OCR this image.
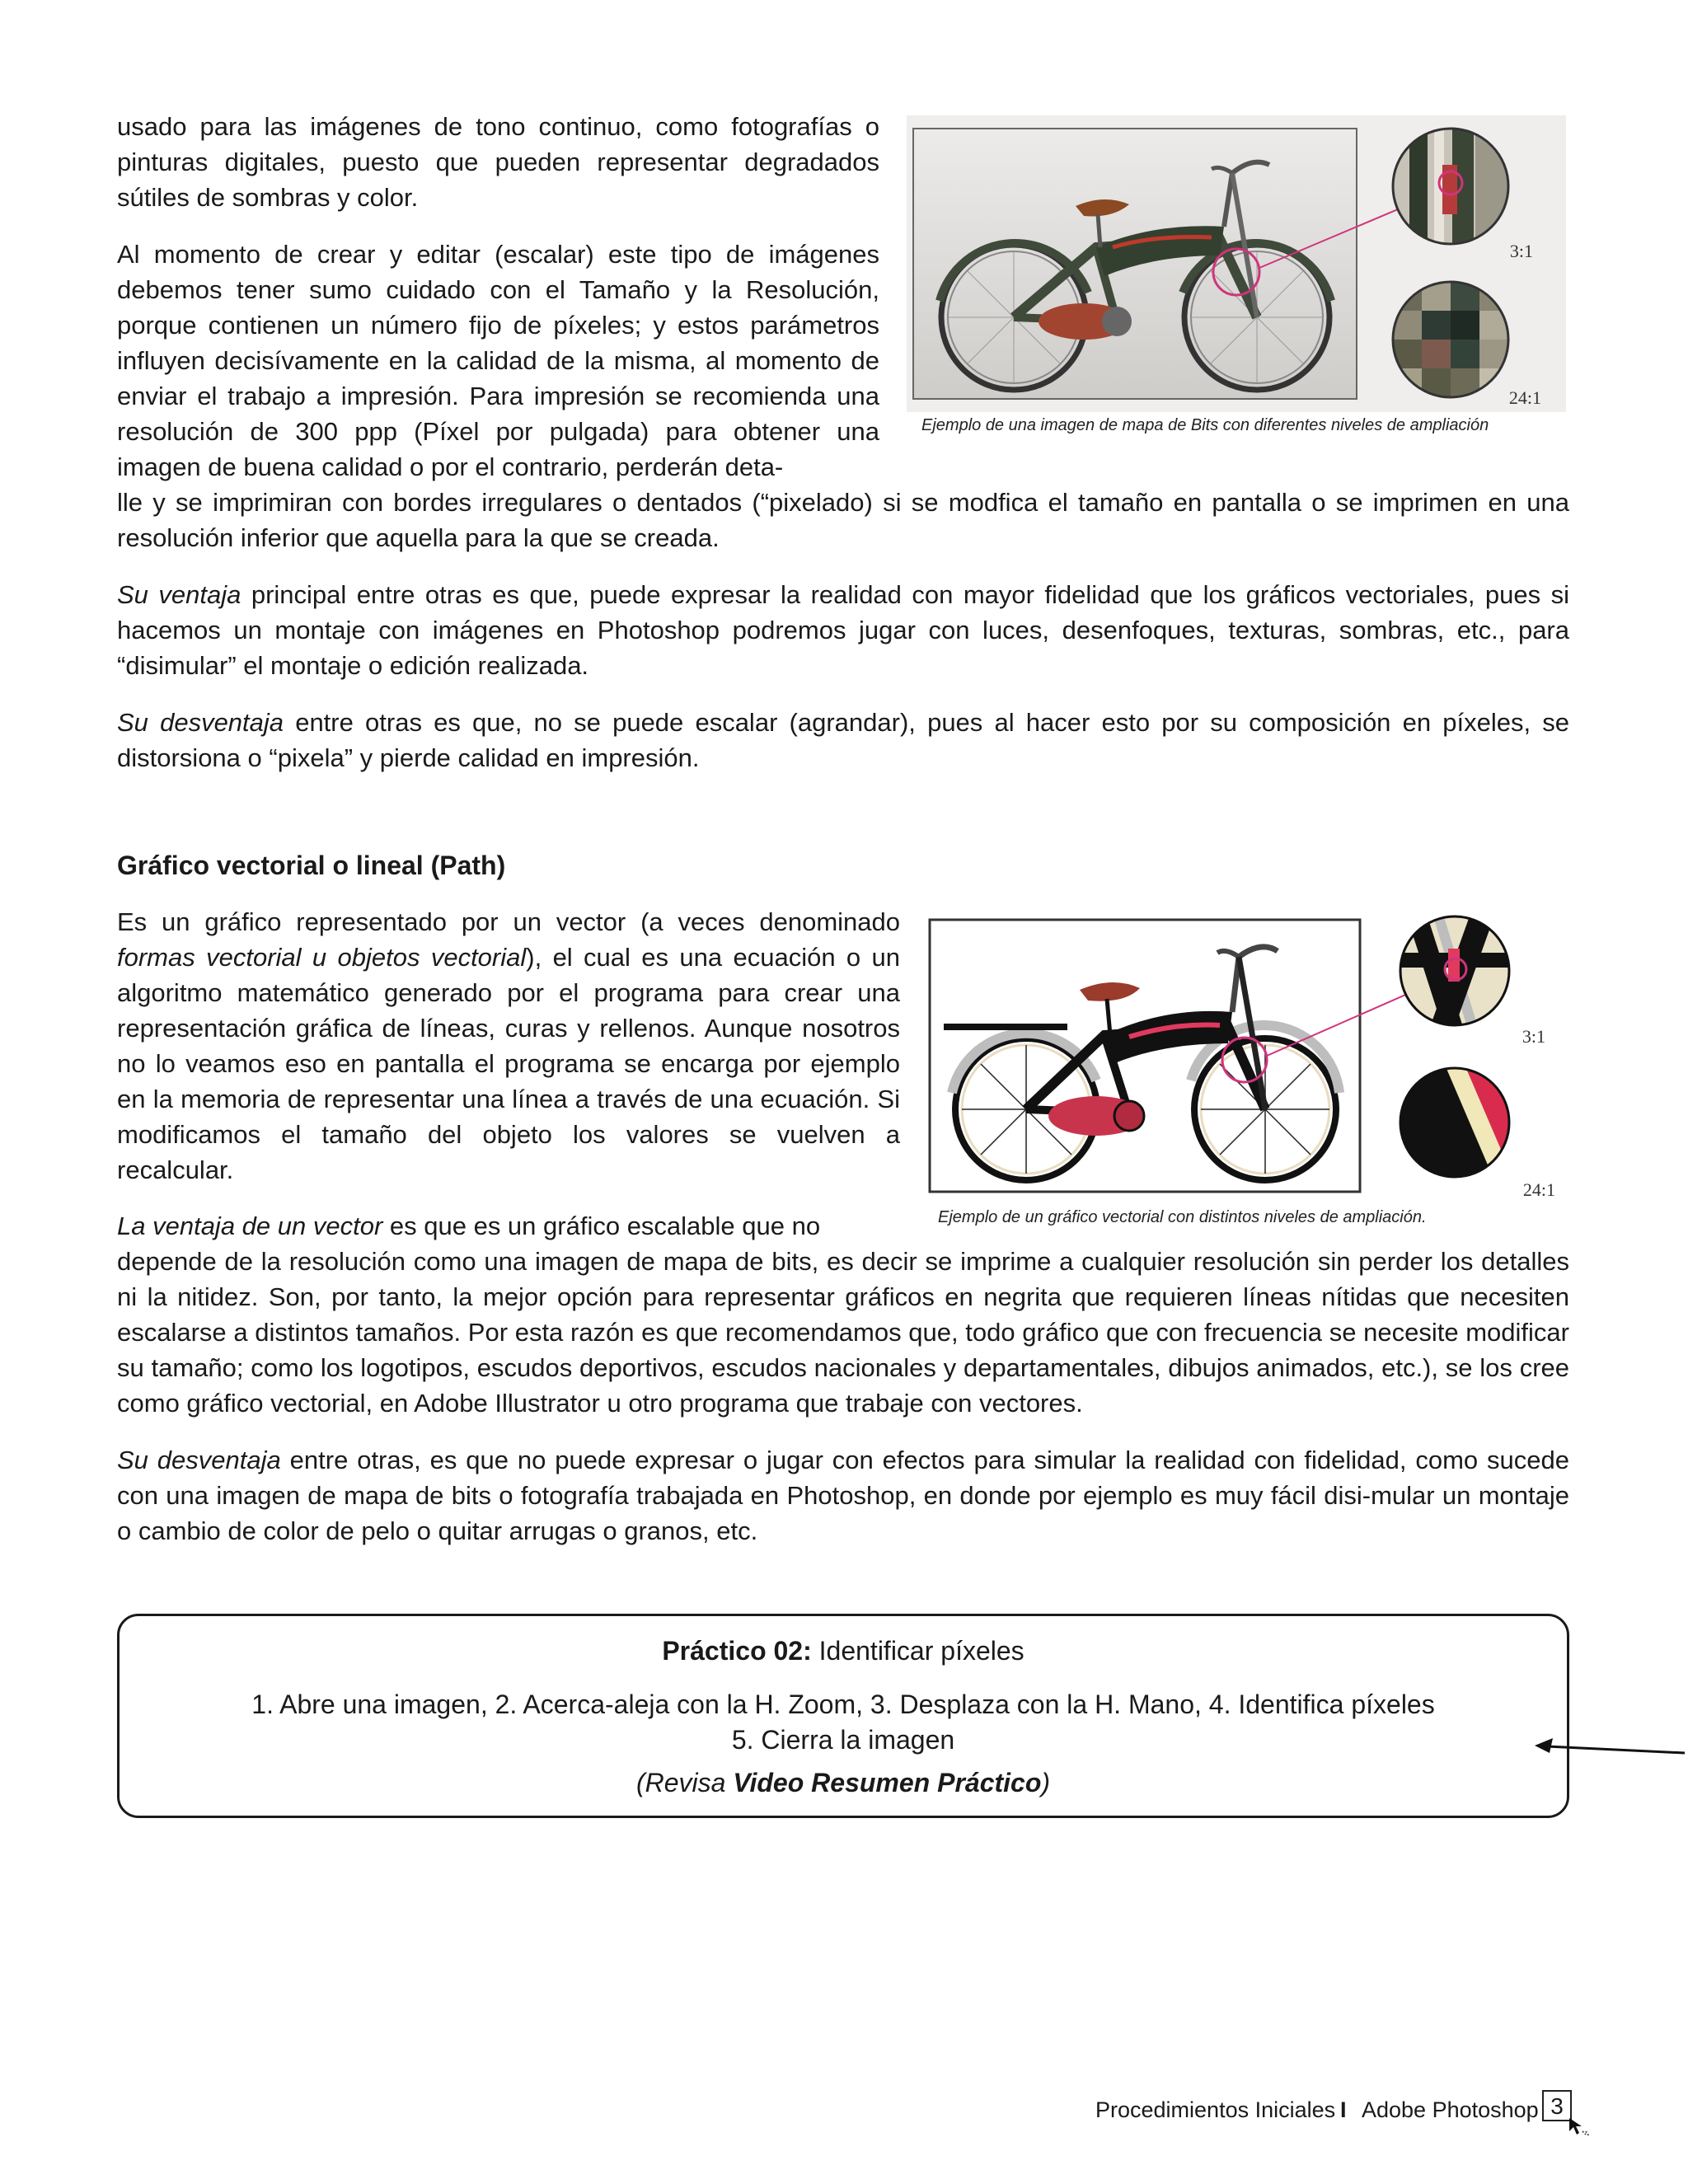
usado para las imágenes de tono continuo, como fotografías o pinturas digitales, puesto que pueden representar degradados sútiles de sombras y color.

Al momento de crear y editar (escalar) este tipo de imágenes debemos tener sumo cuidado con el Tamaño y la Resolución, porque contienen un número fijo de píxeles; y estos parámetros influyen decisívamente en la calidad de la misma, al momento de enviar el trabajo a impresión. Para impresión se recomienda una resolución de 300 ppp (Píxel por pulgada) para obtener una imagen de buena calidad o por el contrario, perderán deta-

lle y se imprimiran con bordes irregulares o dentados (“pixelado) si se modfica el tamaño en pantalla o se imprimen en una resolución inferior que aquella para la que se creada.

Su ventaja principal entre otras es que, puede expresar la realidad con mayor fidelidad que los gráficos vectoriales, pues si hacemos un montaje con imágenes en Photoshop podremos jugar con luces, desenfoques, texturas, sombras, etc., para “disimular” el montaje o edición realizada.

Su desventaja entre otras es que, no se puede escalar (agrandar), pues al hacer esto por su composición en píxeles, se distorsiona o “pixela” y pierde calidad en impresión.

3:1
24:1
Ejemplo de una imagen de mapa de Bits con diferentes niveles de ampliación
Gráfico vectorial o lineal (Path)

Es un gráfico representado por un vector (a veces denominado formas vectorial u objetos vectorial), el cual es una ecuación o un algoritmo matemático generado por el programa para crear una representación gráfica de líneas, curas y rellenos. Aunque nosotros no lo veamos eso en pantalla el programa se encarga por ejemplo en la memoria de representar una línea a través de una ecuación. Si modificamos el tamaño del objeto los valores se vuelven a recalcular.

La ventaja de un vector es que es un gráfico escalable que no

depende de la resolución como una imagen de mapa de bits, es decir se imprime a cualquier resolución sin perder los detalles ni la nitidez. Son, por tanto, la mejor opción para representar gráficos en negrita que requieren líneas nítidas que necesiten escalarse a distintos tamaños. Por esta razón es que recomendamos que, todo gráfico que con frecuencia se necesite modificar su tamaño; como los logotipos, escudos deportivos, escudos nacionales y departamentales, dibujos animados, etc.), se los cree como gráfico vectorial, en Adobe Illustrator u otro programa que trabaje con vectores.

Su desventaja entre otras, es que no puede expresar o jugar con efectos para simular la realidad con fidelidad, como sucede con una imagen de mapa de bits o fotografía trabajada en Photoshop, en donde por ejemplo es muy fácil disi-mular un montaje o cambio de color de pelo o quitar arrugas o granos, etc.

3:1
24:1
Ejemplo de un gráfico vectorial con distintos niveles de ampliación.
Práctico 02: Identificar píxeles
1. Abre una imagen, 2. Acerca-aleja con la H. Zoom, 3. Desplaza con la H. Mano, 4. Identifica píxeles
5. Cierra la imagen
(Revisa Video Resumen Práctico)
Procedimientos Iniciales I Adobe Photoshop 3
